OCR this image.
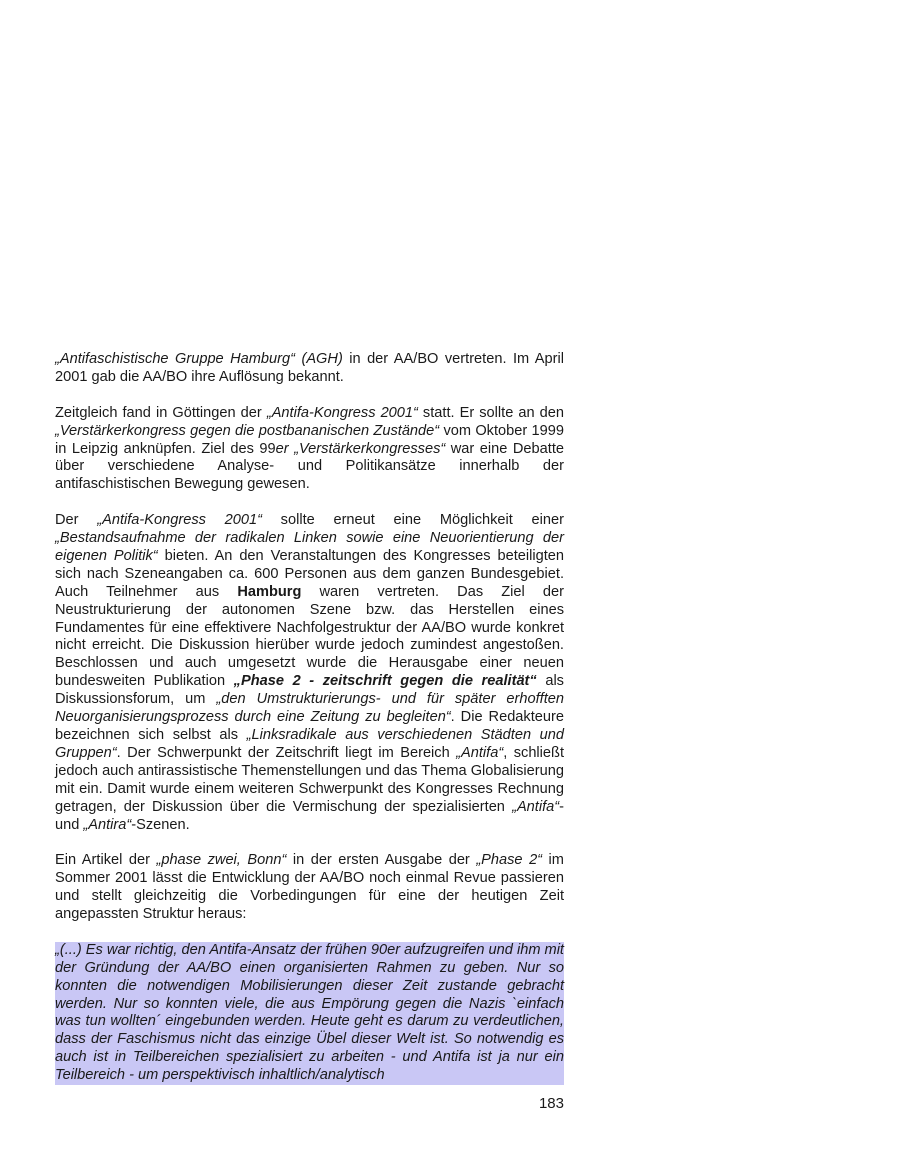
„Antifaschistische Gruppe Hamburg“ (AGH) in der AA/BO vertreten. Im April 2001 gab die AA/BO ihre Auflösung bekannt.

Zeitgleich fand in Göttingen der „Antifa-Kongress 2001“ statt. Er sollte an den „Verstärkerkongress gegen die postbananischen Zustände“ vom Oktober 1999 in Leipzig anknüpfen. Ziel des 99er „Verstärkerkongresses“ war eine Debatte über verschiedene Analyse- und Politikansätze innerhalb der antifaschistischen Bewegung gewesen.

Der „Antifa-Kongress 2001“ sollte erneut eine Möglichkeit einer „Bestandsaufnahme der radikalen Linken sowie eine Neuorientierung der eigenen Politik“ bieten. An den Veranstaltungen des Kongresses beteiligten sich nach Szeneangaben ca. 600 Personen aus dem ganzen Bundesgebiet. Auch Teilnehmer aus Hamburg waren vertreten. Das Ziel der Neustrukturierung der autonomen Szene bzw. das Herstellen eines Fundamentes für eine effektivere Nachfolgestruktur der AA/BO wurde konkret nicht erreicht. Die Diskussion hierüber wurde jedoch zumindest angestoßen. Beschlossen und auch umgesetzt wurde die Herausgabe einer neuen bundesweiten Publikation „Phase 2 - zeitschrift gegen die realität“ als Diskussionsforum, um „den Umstrukturierungs- und für später erhofften Neuorganisierungsprozess durch eine Zeitung zu begleiten“. Die Redakteure bezeichnen sich selbst als „Linksradikale aus verschiedenen Städten und Gruppen“. Der Schwerpunkt der Zeitschrift liegt im Bereich „Antifa“, schließt jedoch auch antirassistische Themenstellungen und das Thema Globalisierung mit ein. Damit wurde einem weiteren Schwerpunkt des Kongresses Rechnung getragen, der Diskussion über die Vermischung der spezialisierten „Antifa“- und „Antira“-Szenen.

Ein Artikel der „phase zwei, Bonn“ in der ersten Ausgabe der „Phase 2“ im Sommer 2001 lässt die Entwicklung der AA/BO noch einmal Revue passieren und stellt gleichzeitig die Vorbedingungen für eine der heutigen Zeit angepassten Struktur heraus:

„(...) Es war richtig, den Antifa-Ansatz der frühen 90er aufzugreifen und ihm mit der Gründung der AA/BO einen organisierten Rahmen zu geben. Nur so konnten die notwendigen Mobilisierungen dieser Zeit zustande gebracht werden. Nur so konnten viele, die aus Empörung gegen die Nazis `einfach was tun wollten´ eingebunden werden. Heute geht es darum zu verdeutlichen, dass der Faschismus nicht das einzige Übel dieser Welt ist. So notwendig es auch ist in Teilbereichen spezialisiert zu arbeiten - und Antifa ist ja nur ein Teilbereich - um perspektivisch inhaltlich/analytisch

183
